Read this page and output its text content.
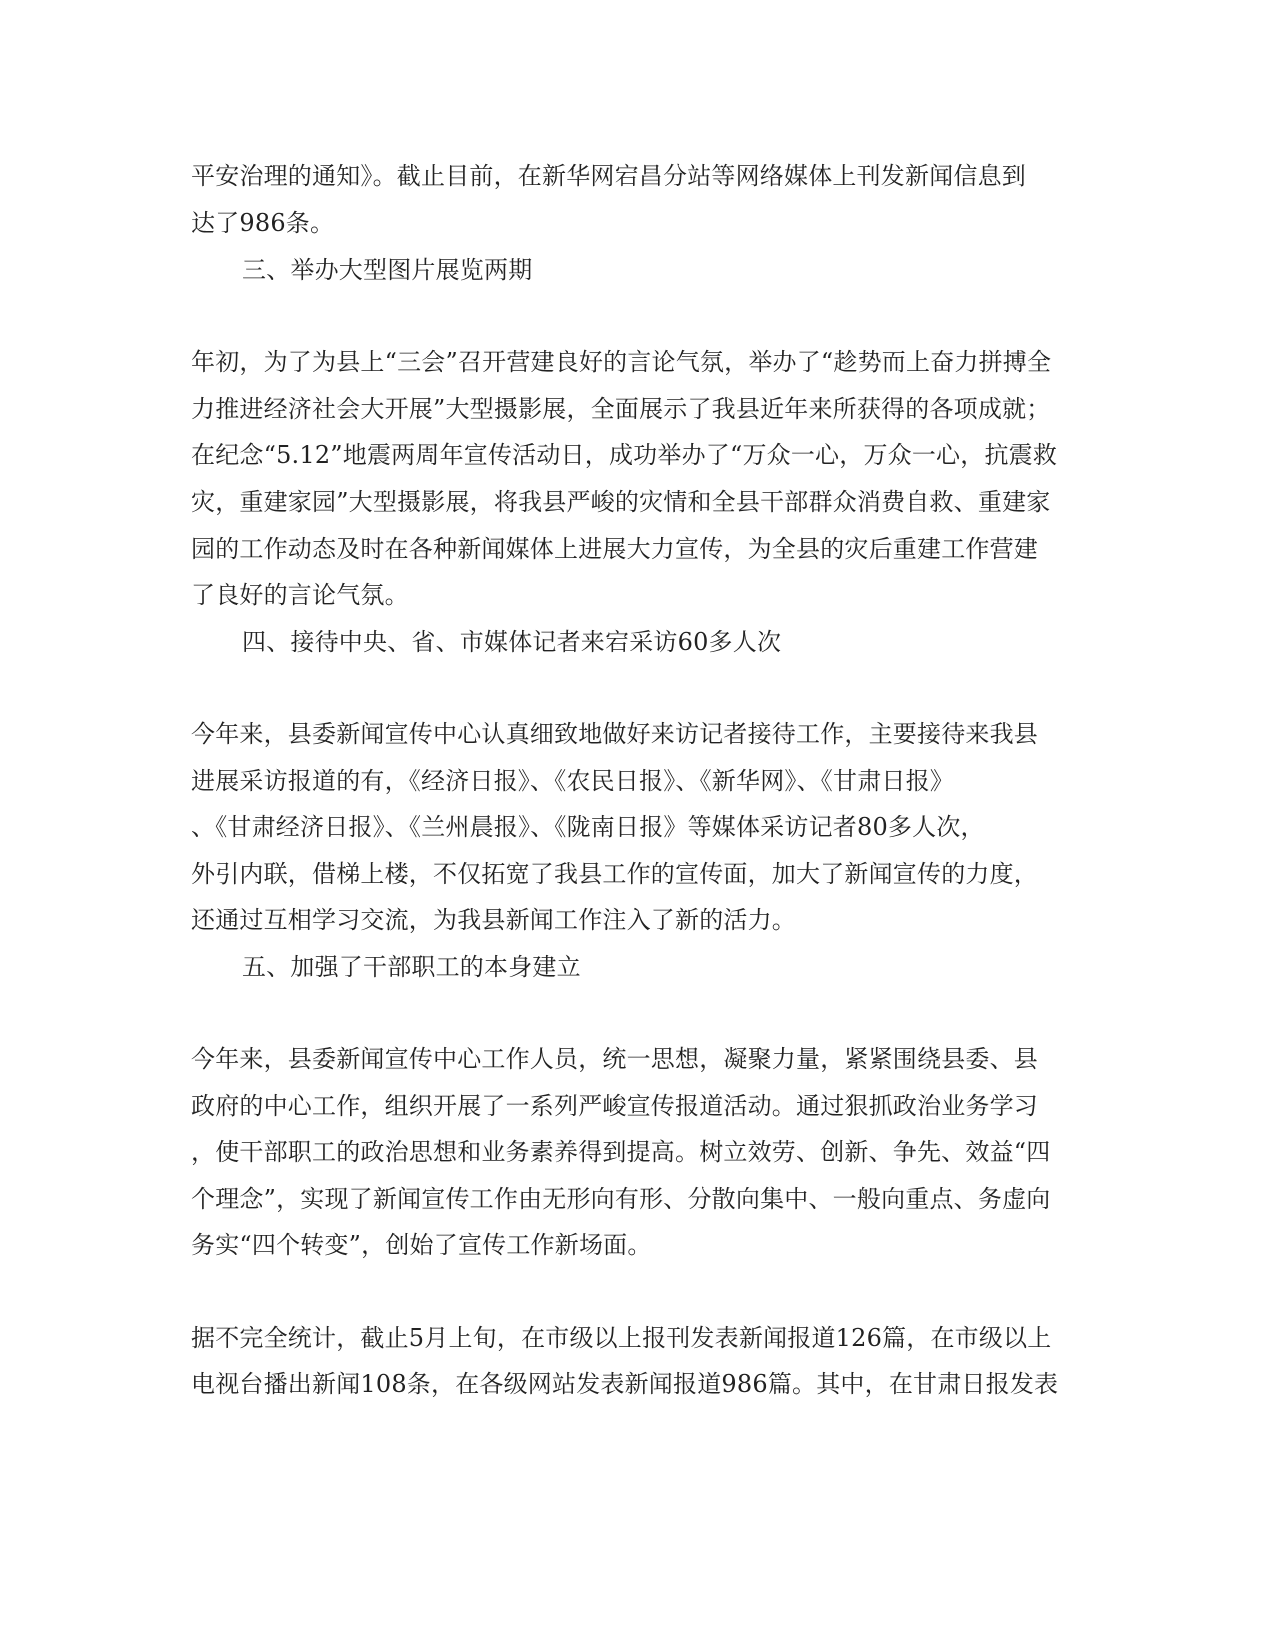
平安治理的通知》。截止目前，在新华网宕昌分站等网络媒体上刊发新闻信息到

达了986条。

三、举办大型图片展览两期

年初，为了为县上“三会”召开营建良好的言论气氛，举办了“趁势而上奋力拼搏全

力推进经济社会大开展”大型摄影展，全面展示了我县近年来所获得的各项成就；

在纪念“5.12”地震两周年宣传活动日，成功举办了“万众一心，万众一心，抗震救

灾，重建家园”大型摄影展，将我县严峻的灾情和全县干部群众消费自救、重建家

园的工作动态及时在各种新闻媒体上进展大力宣传，为全县的灾后重建工作营建

了良好的言论气氛。

四、接待中央、省、市媒体记者来宕采访60多人次

今年来，县委新闻宣传中心认真细致地做好来访记者接待工作，主要接待来我县

进展采访报道的有，《经济日报》、《农民日报》、《新华网》、《甘肃日报》

、《甘肃经济日报》、《兰州晨报》、《陇南日报》等媒体采访记者80多人次，

外引内联，借梯上楼，不仅拓宽了我县工作的宣传面，加大了新闻宣传的力度，

还通过互相学习交流，为我县新闻工作注入了新的活力。

五、加强了干部职工的本身建立

今年来，县委新闻宣传中心工作人员，统一思想，凝聚力量，紧紧围绕县委、县

政府的中心工作，组织开展了一系列严峻宣传报道活动。通过狠抓政治业务学习

，使干部职工的政治思想和业务素养得到提高。树立效劳、创新、争先、效益“四

个理念”，实现了新闻宣传工作由无形向有形、分散向集中、一般向重点、务虚向

务实“四个转变”，创始了宣传工作新场面。

据不完全统计，截止5月上旬，在市级以上报刊发表新闻报道126篇，在市级以上

电视台播出新闻108条，在各级网站发表新闻报道986篇。其中，在甘肃日报发表
